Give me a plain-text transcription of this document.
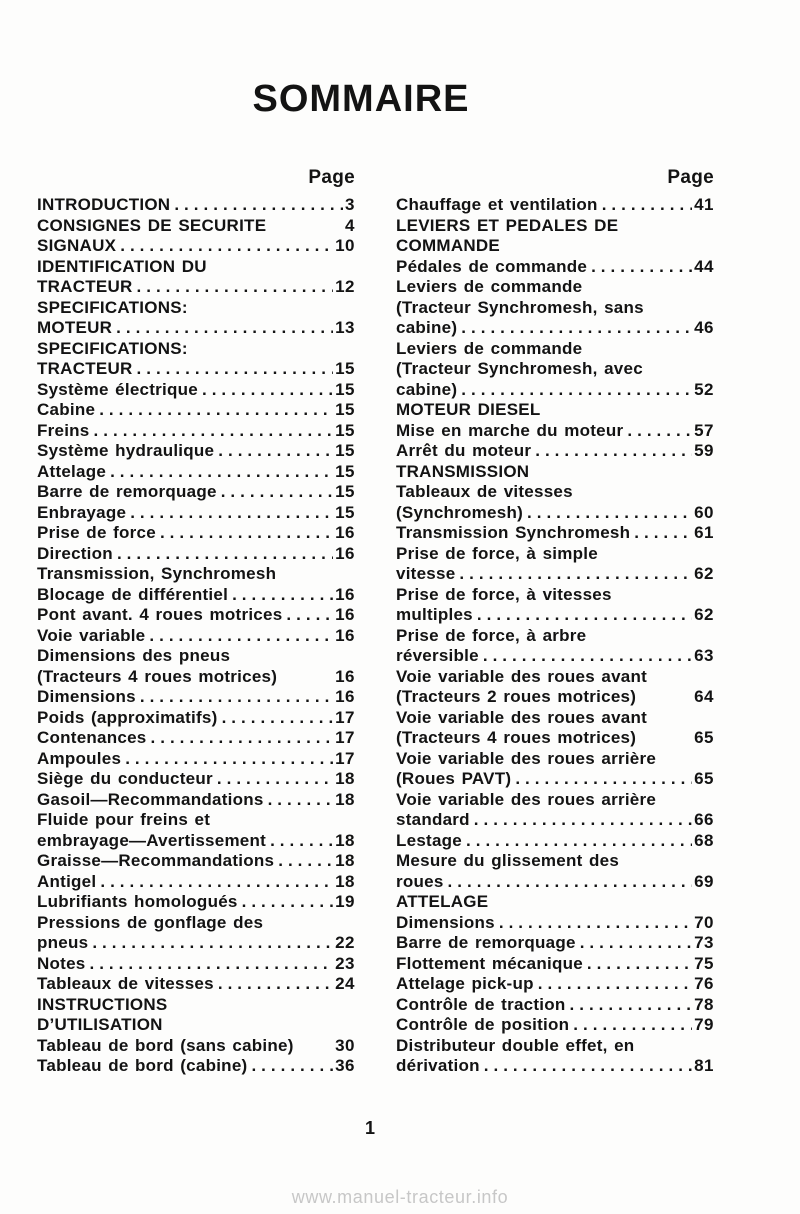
SOMMAIRE
Page
INTRODUCTION .....	3
CONSIGNES DE SECURITE	4
SIGNAUX .....	10
IDENTIFICATION DU
TRACTEUR .....	12
SPECIFICATIONS:
MOTEUR .....	13
SPECIFICATIONS:
TRACTEUR .....	15
Système électrique .....	15
Cabine .....	15
Freins .....	15
Système hydraulique .....	15
Attelage .....	15
Barre de remorquage .....	15
Enbrayage .....	15
Prise de force .....	16
Direction .....	16
Transmission, Synchromesh
Blocage de différentiel .....	16
Pont avant. 4 roues motrices .....	16
Voie variable .....	16
Dimensions des pneus
(Tracteurs 4 roues motrices)	16
Dimensions .....	16
Poids (approximatifs) .....	17
Contenances .....	17
Ampoules .....	17
Siège du conducteur .....	18
Gasoil—Recommandations .....	18
Fluide pour freins et
embrayage—Avertissement .....	18
Graisse—Recommandations .....	18
Antigel .....	18
Lubrifiants homologués .....	19
Pressions de gonflage des
pneus .....	22
Notes .....	23
Tableaux de vitesses .....	24
INSTRUCTIONS
D’UTILISATION
Tableau de bord (sans cabine) 30
Tableau de bord (cabine) .....	36
Page
Chauffage et ventilation .....	41
LEVIERS ET PEDALES DE
COMMANDE
Pédales de commande .....	44
Leviers de commande
(Tracteur Synchromesh, sans
cabine) .....	46
Leviers de commande
(Tracteur Synchromesh, avec
cabine) .....	52
MOTEUR DIESEL
Mise en marche du moteur .....	57
Arrêt du moteur .....	59
TRANSMISSION
Tableaux de vitesses
(Synchromesh) .....	60
Transmission Synchromesh .....	61
Prise de force, à simple
vitesse .....	62
Prise de force, à vitesses
multiples .....	62
Prise de force, à arbre
réversible .....	63
Voie variable des roues avant
(Tracteurs 2 roues motrices)	64
Voie variable des roues avant
(Tracteurs 4 roues motrices)	65
Voie variable des roues arrière
(Roues PAVT) .....	65
Voie variable des roues arrière
standard .....	66
Lestage .....	68
Mesure du glissement des
roues .....	69
ATTELAGE
Dimensions .....	70
Barre de remorquage .....	73
Flottement mécanique .....	75
Attelage pick-up .....	76
Contrôle de traction .....	78
Contrôle de position .....	79
Distributeur double effet, en
dérivation .....	81
1
www.manuel-tracteur.info
